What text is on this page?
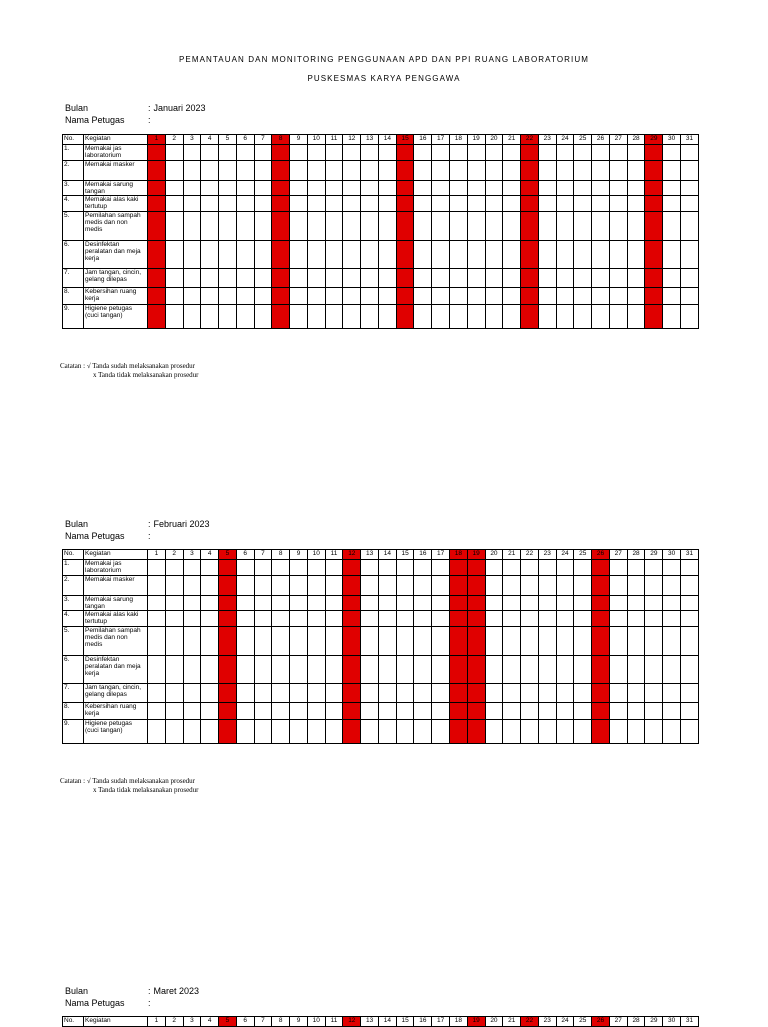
PEMANTAUAN DAN MONITORING PENGGUNAAN APD DAN PPI RUANG LABORATORIUM
PUSKESMAS KARYA PENGGAWA
Bulan	: Januari 2023
Nama Petugas	:
No.	Kegiatan	1	2	3	4	5	6	7	8	9	10	11	12	13	14	15	16	17	18	19	20	21	22	23	24	25	26	27	28	29	30	31
1.	Memakai jas laboratorium																															
2.	Memakai masker																															
3.	Memakai sarung tangan																															
4.	Memakai alas kaki tertutup																															
5.	Pemilahan sampah medis dan non medis																															
6.	Desinfektan peralatan dan meja kerja																															
7.	Jam tangan, cincin, gelang dilepas																															
8.	Kebersihan ruang kerja																															
9.	Higiene petugas (cuci tangan)																															
Catatan : √ Tanda sudah melaksanakan prosedur
x Tanda tidak melaksanakan prosedur
Bulan	: Februari 2023
Nama Petugas	:
No.	Kegiatan	1	2	3	4	5	6	7	8	9	10	11	12	13	14	15	16	17	18	19	20	21	22	23	24	25	26	27	28	29	30	31
1.	Memakai jas laboratorium																															
2.	Memakai masker																															
3.	Memakai sarung tangan																															
4.	Memakai alas kaki tertutup																															
5.	Pemilahan sampah medis dan non medis																															
6.	Desinfektan peralatan dan meja kerja																															
7.	Jam tangan, cincin, gelang dilepas																															
8.	Kebersihan ruang kerja																															
9.	Higiene petugas (cuci tangan)																															
Catatan : √ Tanda sudah melaksanakan prosedur
x Tanda tidak melaksanakan prosedur
Bulan	: Maret 2023
Nama Petugas	:
No.	Kegiatan	1	2	3	4	5	6	7	8	9	10	11	12	13	14	15	16	17	18	19	20	21	22	23	24	25	26	27	28	29	30	31
